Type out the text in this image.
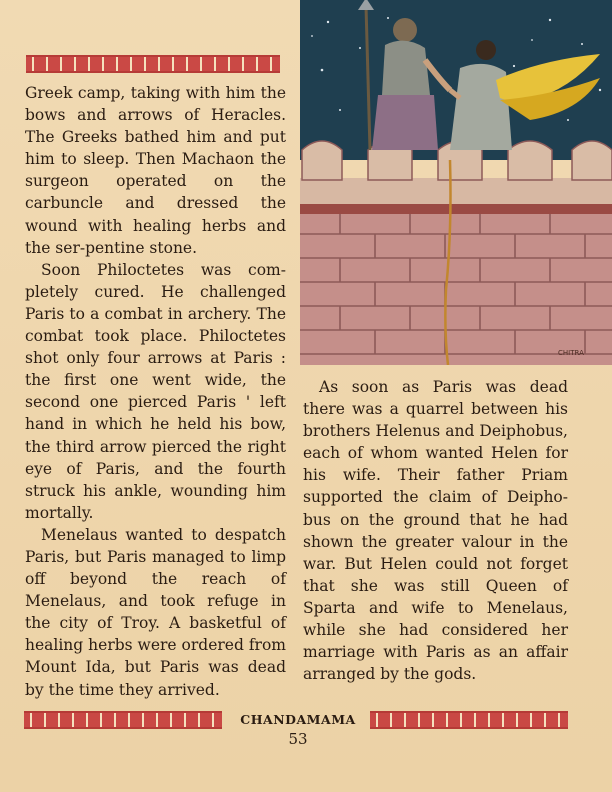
Greek camp, taking with him the bows and arrows of Heracles. The Greeks bathed him and put him to sleep. Then Machaon the surgeon operated on the carbuncle and dressed the wound with healing herbs and the ser-pentine stone.

Soon Philoctetes was com-pletely cured. He challenged Paris to a combat in archery. The combat took place. Philoctetes shot only four arrows at Paris : the first one went wide, the second one pierced Paris ' left hand in which he held his bow, the third arrow pierced the right eye of Paris, and the fourth struck his ankle, wounding him mortally.

Menelaus wanted to despatch Paris, but Paris managed to limp off beyond the reach of Menelaus, and took refuge in the city of Troy. A basketful of healing herbs were ordered from Mount Ida, but Paris was dead by the time they arrived.

CHITRA

As soon as Paris was dead there was a quarrel between his brothers Helenus and Deiphobus, each of whom wanted Helen for his wife. Their father Priam supported the claim of Deipho-bus on the ground that he had shown the greater valour in the war. But Helen could not forget that she was still Queen of Sparta and wife to Menelaus, while she had considered her marriage with Paris as an affair arranged by the gods.

CHANDAMAMA
53
